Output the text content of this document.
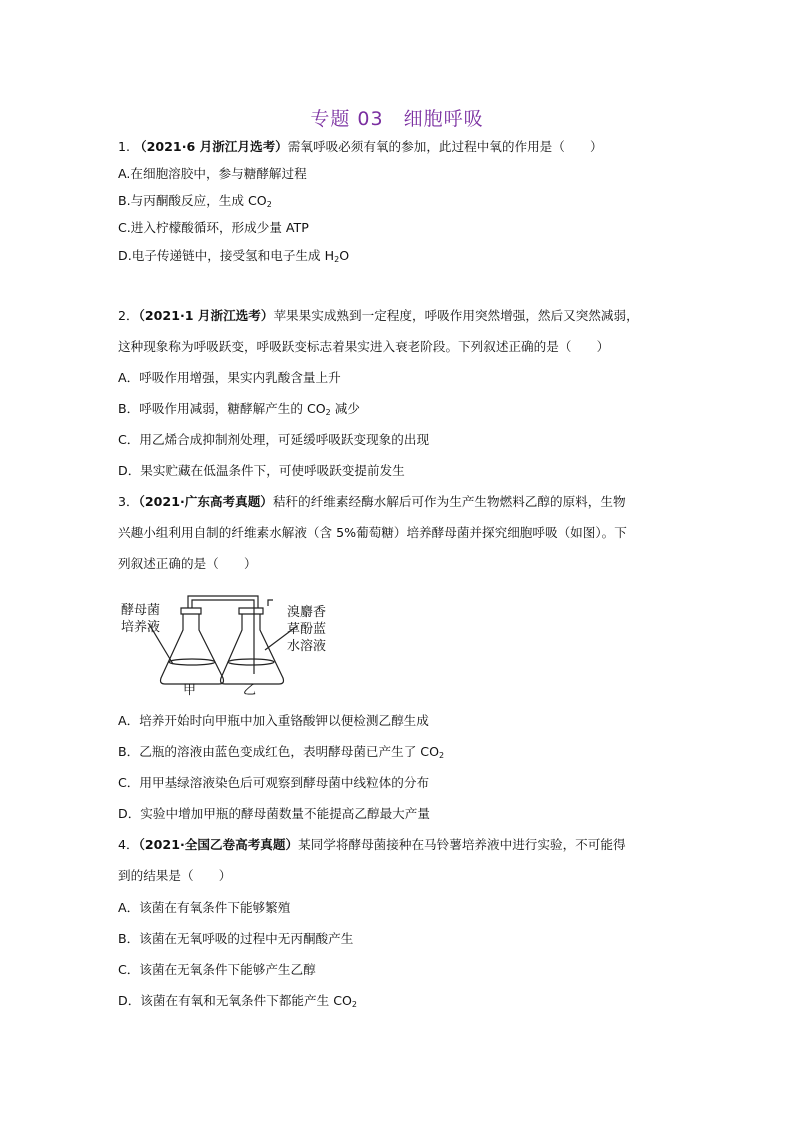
专题 03　细胞呼吸
1. （2021·6 月浙江月选考）需氧呼吸必须有氧的参加，此过程中氧的作用是（　　）
A.在细胞溶胶中，参与糖酵解过程
B.与丙酮酸反应，生成 $CO_2$
C.进入柠檬酸循环，形成少量 ATP
D.电子传递链中，接受氢和电子生成 $H_2O$
2．（2021·1 月浙江选考）苹果果实成熟到一定程度，呼吸作用突然增强，然后又突然减弱，
这种现象称为呼吸跃变，呼吸跃变标志着果实进入衰老阶段。下列叙述正确的是（　　）
A．呼吸作用增强，果实内乳酸含量上升
B．呼吸作用减弱，糖酵解产生的 $CO_2$ 减少
C．用乙烯合成抑制剂处理，可延缓呼吸跃变现象的出现
D．果实贮藏在低温条件下，可使呼吸跃变提前发生
3．（2021·广东高考真题）秸秆的纤维素经酶水解后可作为生产生物燃料乙醇的原料，生物
兴趣小组利用自制的纤维素水解液（含 5%葡萄糖）培养酵母菌并探究细胞呼吸（如图）。下
列叙述正确的是（　　）
酵母菌
培养液
溴麝香
草酚蓝
水溶液
甲	乙
A．培养开始时向甲瓶中加入重铬酸钾以便检测乙醇生成
B．乙瓶的溶液由蓝色变成红色，表明酵母菌已产生了 $CO_2$
C．用甲基绿溶液染色后可观察到酵母菌中线粒体的分布
D．实验中增加甲瓶的酵母菌数量不能提高乙醇最大产量
4．（2021·全国乙卷高考真题）某同学将酵母菌接种在马铃薯培养液中进行实验，不可能得
到的结果是（　　）
A．该菌在有氧条件下能够繁殖
B．该菌在无氧呼吸的过程中无丙酮酸产生
C．该菌在无氧条件下能够产生乙醇
D．该菌在有氧和无氧条件下都能产生 $CO_2$
